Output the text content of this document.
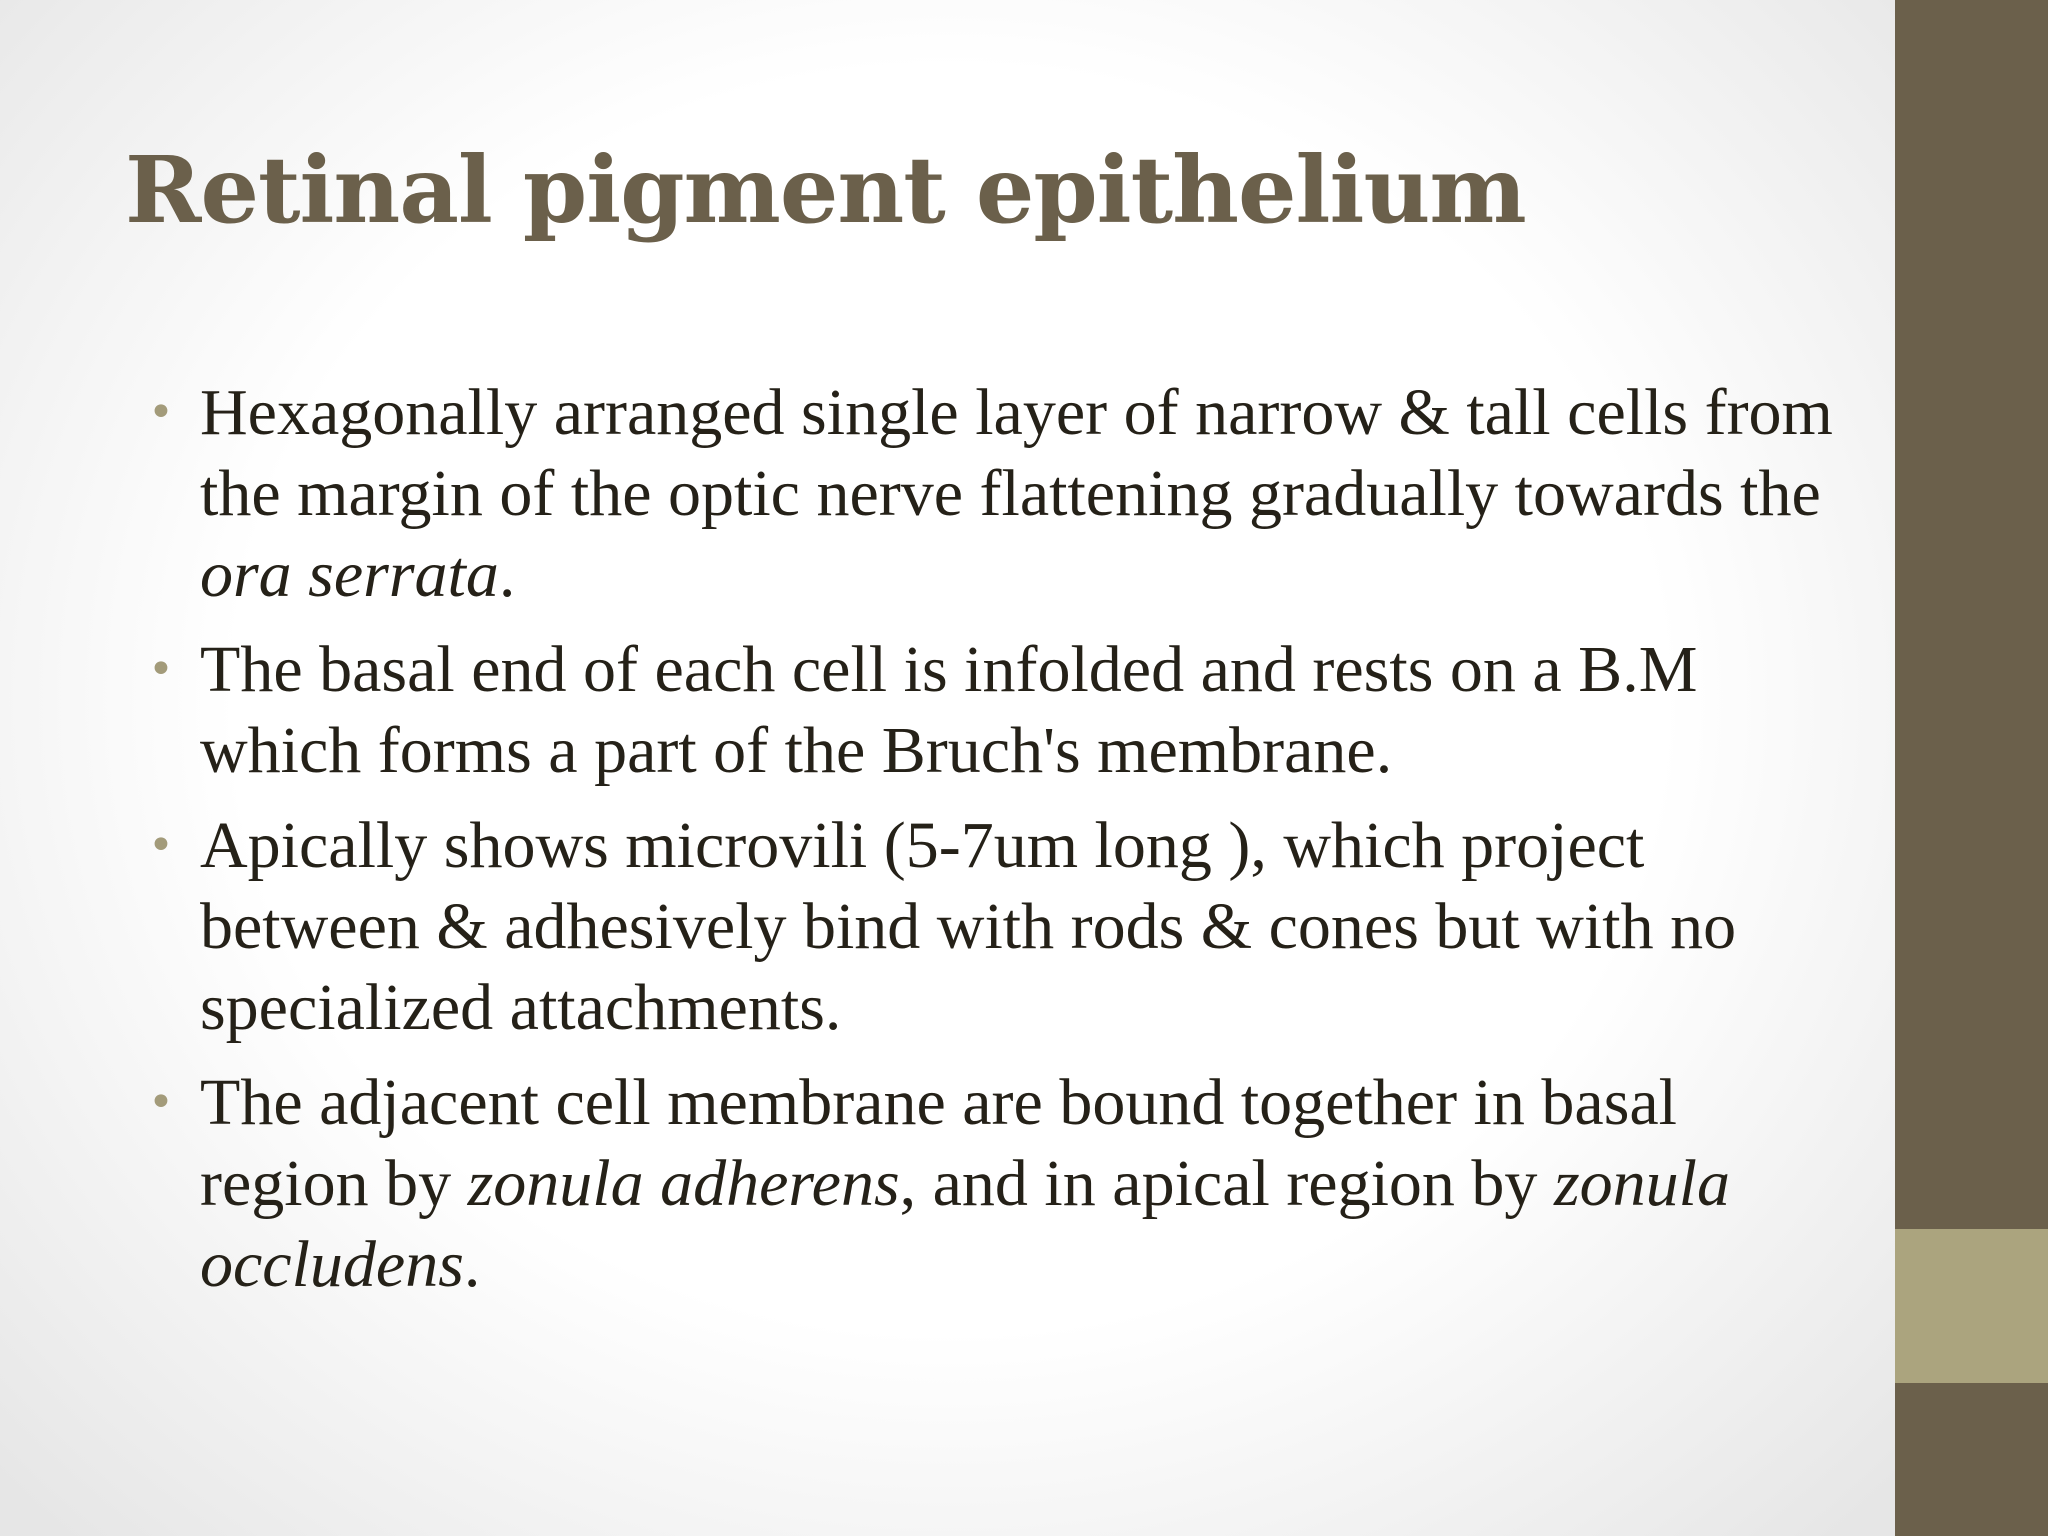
Retinal pigment epithelium
• Hexagonally arranged single layer of narrow & tall cells from the margin of the optic nerve flattening gradually towards the ora serrata.
• The basal end of each cell is infolded and rests on a B.M which forms a part of the Bruch's membrane.
• Apically shows microvili (5-7um long ), which project between & adhesively bind with rods & cones but with no specialized attachments.
• The adjacent cell membrane are bound together in basal region by zonula adherens, and in apical region by zonula occludens.
